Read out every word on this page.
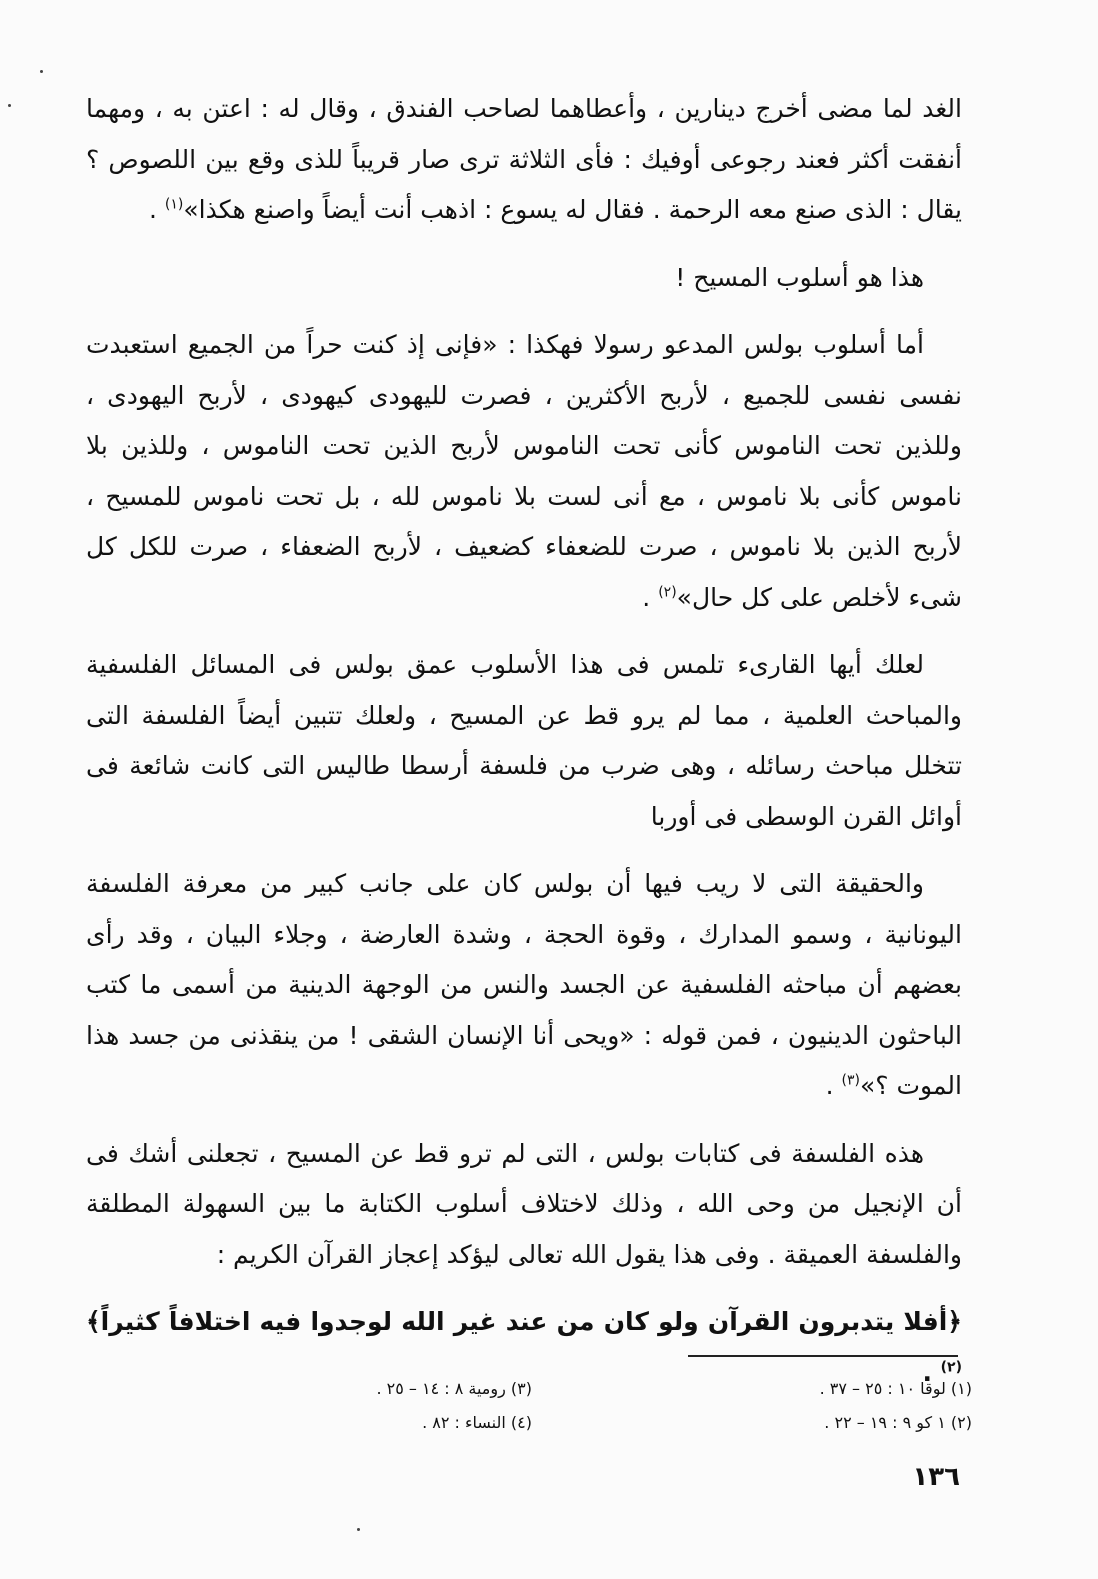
الغد لما مضى أخرج دينارين ، وأعطاهما لصاحب الفندق ، وقال له : اعتن به ، ومهما أنفقت أكثر فعند رجوعى أوفيك : فأى الثلاثة ترى صار قريباً للذى وقع بين اللصوص ؟ يقال : الذى صنع معه الرحمة . فقال له يسوع : اذهب أنت أيضاً واصنع هكذا»$^{(١)}$ .

هذا هو أسلوب المسيح !

أما أسلوب بولس المدعو رسولا فهكذا : «فإنى إذ كنت حراً من الجميع استعبدت نفسى نفسى للجميع ، لأربح الأكثرين ، فصرت لليهودى كيهودى ، لأربح اليهودى ، وللذين تحت الناموس كأنى تحت الناموس لأربح الذين تحت الناموس ، وللذين بلا ناموس كأنى بلا ناموس ، مع أنى لست بلا ناموس لله ، بل تحت ناموس للمسيح ، لأربح الذين بلا ناموس ، صرت للضعفاء كضعيف ، لأربح الضعفاء ، صرت للكل كل شىء لأخلص على كل حال»$^{(٢)}$ .

لعلك أيها القارىء تلمس فى هذا الأسلوب عمق بولس فى المسائل الفلسفية والمباحث العلمية ، مما لم يرو قط عن المسيح ، ولعلك تتبين أيضاً الفلسفة التى تتخلل مباحث رسائله ، وهى ضرب من فلسفة أرسطا طاليس التى كانت شائعة فى أوائل القرن الوسطى فى أوربا

والحقيقة التى لا ريب فيها أن بولس كان على جانب كبير من معرفة الفلسفة اليونانية ، وسمو المدارك ، وقوة الحجة ، وشدة العارضة ، وجلاء البيان ، وقد رأى بعضهم أن مباحثه الفلسفية عن الجسد والنس من الوجهة الدينية من أسمى ما كتب الباحثون الدينيون ، فمن قوله : «ويحى أنا الإنسان الشقى ! من ينقذنى من جسد هذا الموت ؟»$^{(٣)}$ .

هذه الفلسفة فى كتابات بولس ، التى لم ترو قط عن المسيح ، تجعلنى أشك فى أن الإنجيل من وحى الله ، وذلك لاختلاف أسلوب الكتابة ما بين السهولة المطلقة والفلسفة العميقة . وفى هذا يقول الله تعالى ليؤكد إعجاز القرآن الكريم :

﴿أفلا يتدبرون القرآن ولو كان من عند غير الله لوجدوا فيه اختلافاً كثيراً﴾$^{(٢)}$ .

(١) لوقا ١٠ : ٢٥ – ٣٧ .
(٢) ١ كو ٩ : ١٩ – ٢٢ .
(٣) رومية ٨ : ١٤ – ٢٥ .
(٤) النساء : ٨٢ .
١٣٦
